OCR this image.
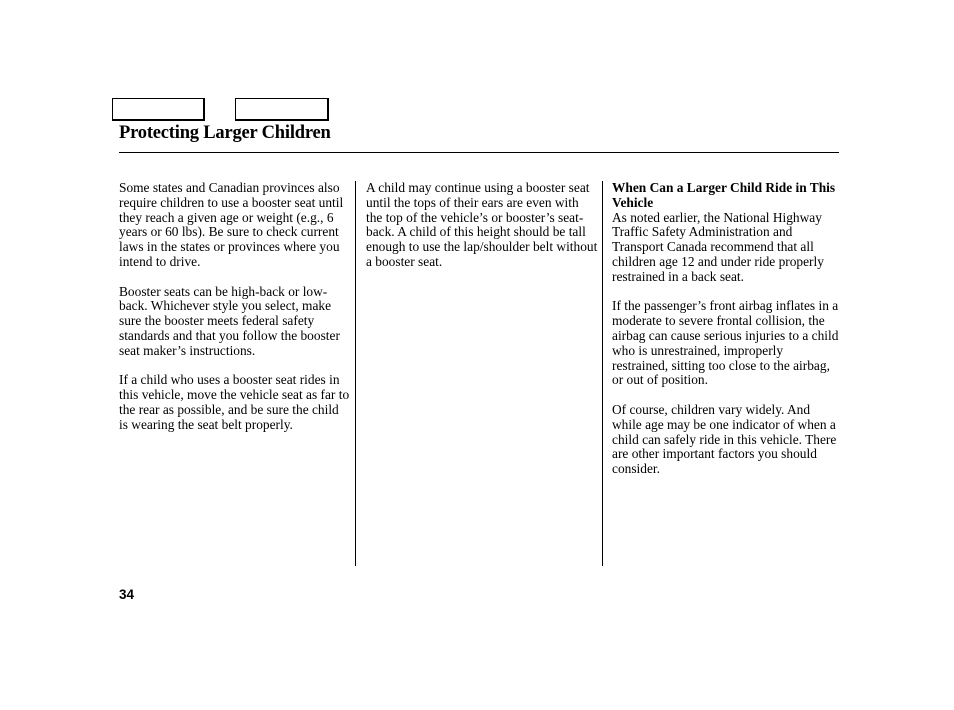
Protecting Larger Children

Some states and Canadian provinces also require children to use a booster seat until they reach a given age or weight (e.g., 6 years or 60 lbs). Be sure to check current laws in the states or provinces where you intend to drive.

Booster seats can be high-back or low-back. Whichever style you select, make sure the booster meets federal safety standards and that you follow the booster seat maker’s instructions.

If a child who uses a booster seat rides in this vehicle, move the vehicle seat as far to the rear as possible, and be sure the child is wearing the seat belt properly.

A child may continue using a booster seat until the tops of their ears are even with the top of the vehicle’s or booster’s seat-back. A child of this height should be tall enough to use the lap/shoulder belt without a booster seat.

When Can a Larger Child Ride in This Vehicle

As noted earlier, the National Highway Traffic Safety Administration and Transport Canada recommend that all children age 12 and under ride properly restrained in a back seat.

If the passenger’s front airbag inflates in a moderate to severe frontal collision, the airbag can cause serious injuries to a child who is unrestrained, improperly restrained, sitting too close to the airbag, or out of position.

Of course, children vary widely. And while age may be one indicator of when a child can safely ride in this vehicle. There are other important factors you should consider.

34
